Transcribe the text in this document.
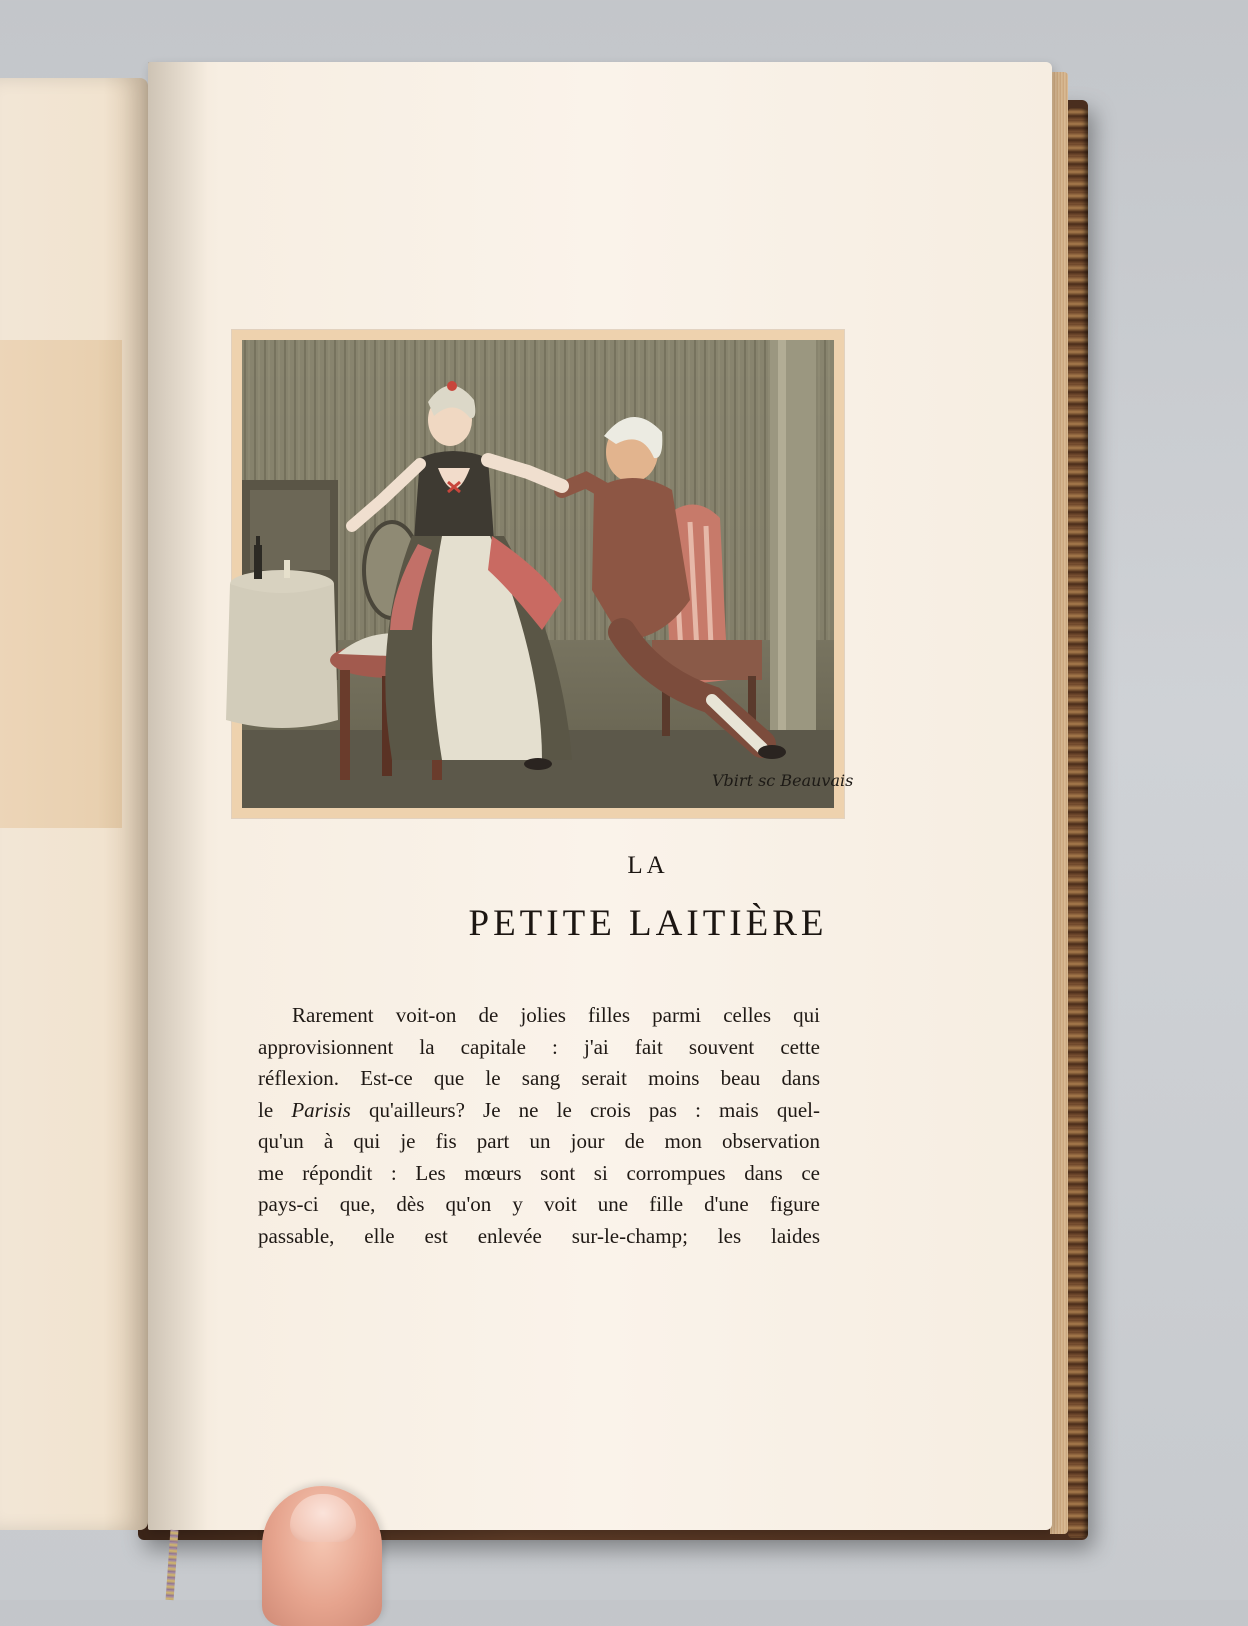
Vbirt sc Beauvais
LA
PETITE LAITIÈRE
Rarement voit-on de jolies filles parmi celles qui
approvisionnent la capitale : j'ai fait souvent cette
réflexion. Est-ce que le sang serait moins beau dans
le Parisis qu'ailleurs? Je ne le crois pas : mais quel-
qu'un à qui je fis part un jour de mon observation
me répondit : Les mœurs sont si corrompues dans ce
pays-ci que, dès qu'on y voit une fille d'une figure
passable, elle est enlevée sur-le-champ; les laides
